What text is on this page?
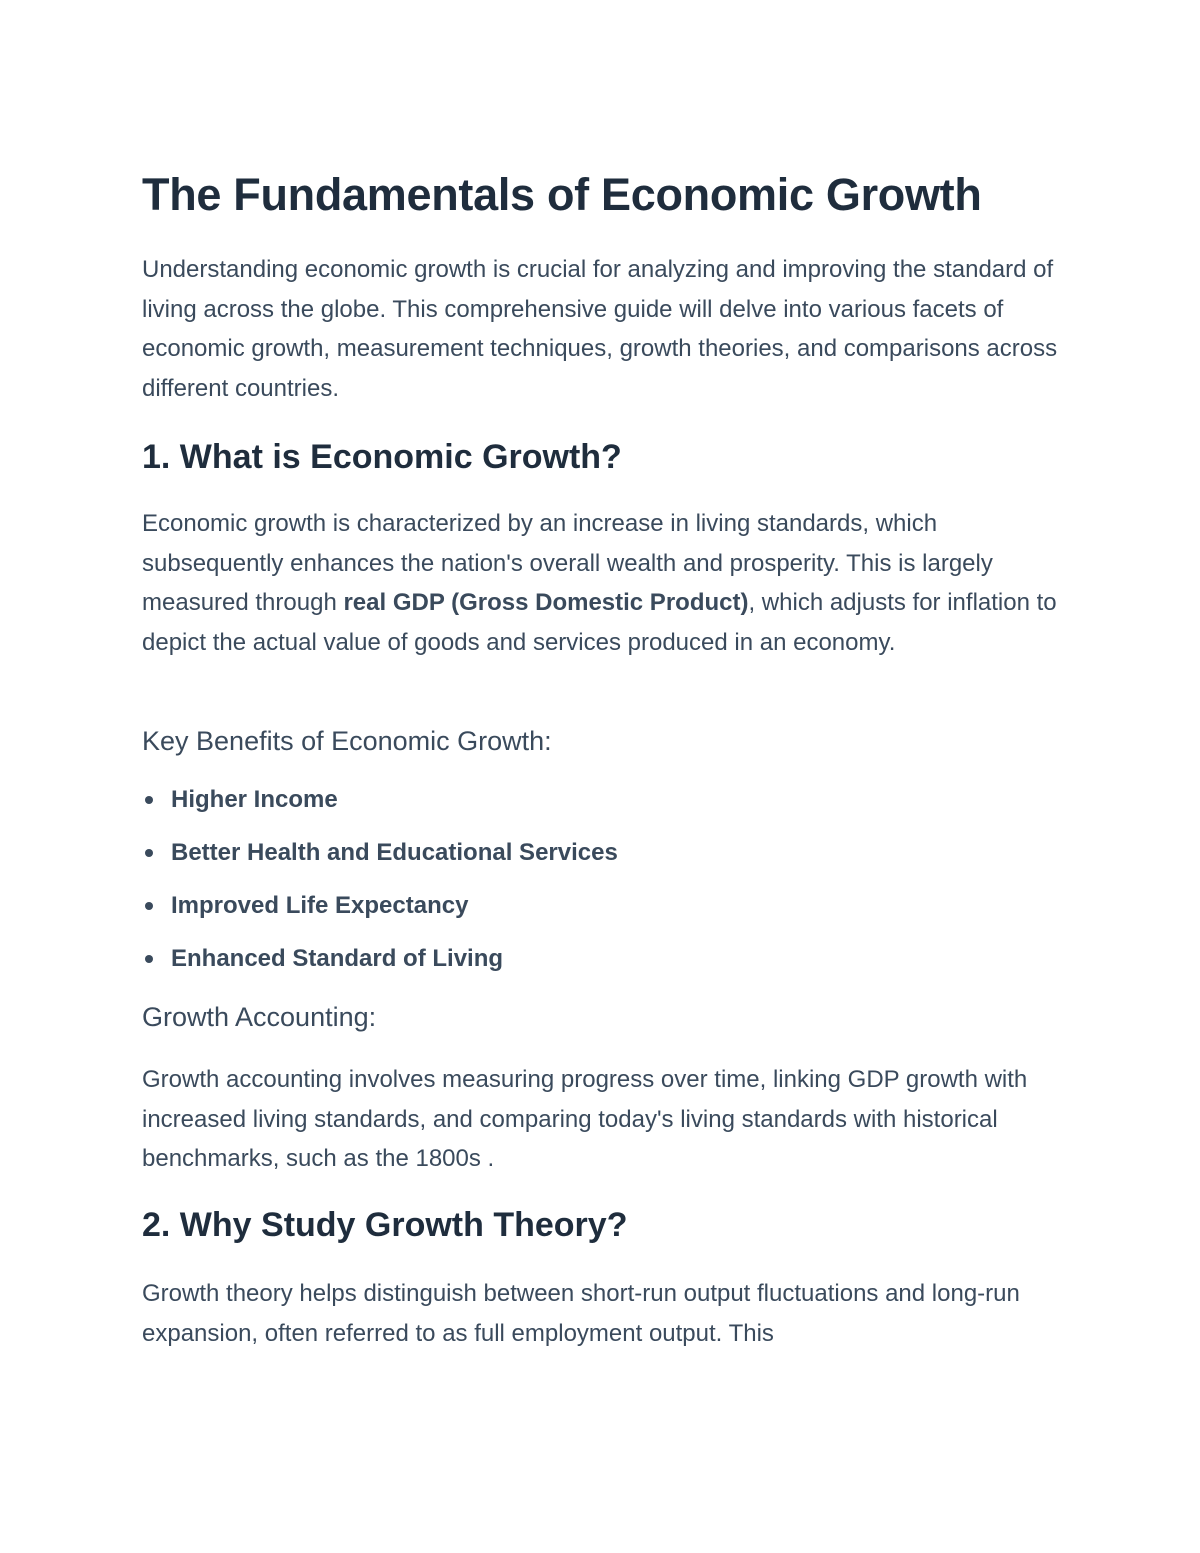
The Fundamentals of Economic Growth

Understanding economic growth is crucial for analyzing and improving the standard of living across the globe. This comprehensive guide will delve into various facets of economic growth, measurement techniques, growth theories, and comparisons across different countries.

1. What is Economic Growth?

Economic growth is characterized by an increase in living standards, which subsequently enhances the nation's overall wealth and prosperity. This is largely measured through real GDP (Gross Domestic Product), which adjusts for inflation to depict the actual value of goods and services produced in an economy.

Key Benefits of Economic Growth:
Higher Income
Better Health and Educational Services
Improved Life Expectancy
Enhanced Standard of Living
Growth Accounting:

Growth accounting involves measuring progress over time, linking GDP growth with increased living standards, and comparing today's living standards with historical benchmarks, such as the 1800s .

2. Why Study Growth Theory?

Growth theory helps distinguish between short-run output fluctuations and long-run expansion, often referred to as full employment output. This
